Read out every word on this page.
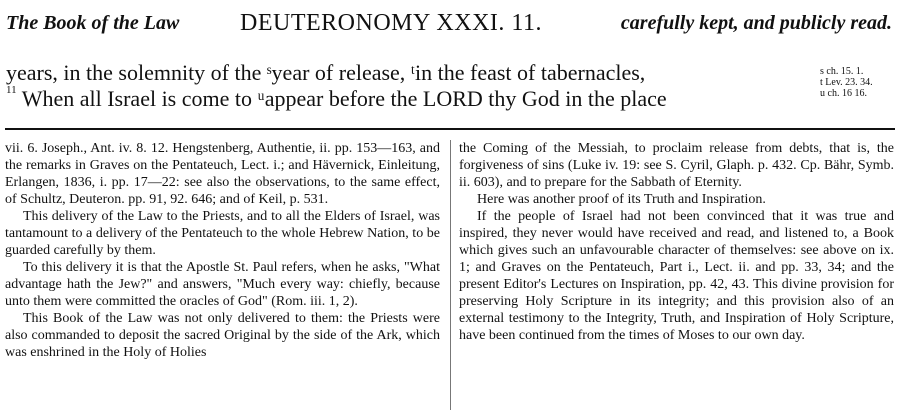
The Book of the Law	DEUTERONOMY XXXI. 11.	carefully kept, and publicly read.
years, in the solemnity of the ˢyear of release, ᵗin the feast of tabernacles,
$^{11}$ When all Israel is come to ᵘappear before the LORD thy God in the place
s ch. 15. 1.
t Lev. 23. 34.
u ch. 16 16.

vii. 6. Joseph., Ant. iv. 8. 12. Hengstenberg, Authentie, ii. pp. 153—163, and the remarks in Graves on the Pentateuch, Lect. i.; and Hävernick, Einleitung, Erlangen, 1836, i. pp. 17—22: see also the observations, to the same effect, of Schultz, Deuteron. pp. 91, 92. 646; and of Keil, p. 531.

This delivery of the Law to the Priests, and to all the Elders of Israel, was tantamount to a delivery of the Pentateuch to the whole Hebrew Nation, to be guarded carefully by them.

To this delivery it is that the Apostle St. Paul refers, when he asks, "What advantage hath the Jew?" and answers, "Much every way: chiefly, because unto them were committed the oracles of God" (Rom. iii. 1, 2).

This Book of the Law was not only delivered to them: the Priests were also commanded to deposit the sacred Original by the side of the Ark, which was enshrined in the Holy of Holies

the Coming of the Messiah, to proclaim release from debts, that is, the forgiveness of sins (Luke iv. 19: see S. Cyril, Glaph. p. 432. Cp. Bähr, Symb. ii. 603), and to prepare for the Sabbath of Eternity.

Here was another proof of its Truth and Inspiration.

If the people of Israel had not been convinced that it was true and inspired, they never would have received and read, and listened to, a Book which gives such an unfavourable character of themselves: see above on ix. 1; and Graves on the Pentateuch, Part i., Lect. ii. and pp. 33, 34; and the present Editor's Lectures on Inspiration, pp. 42, 43. This divine provision for preserving Holy Scripture in its integrity; and this provision also of an external testimony to the Integrity, Truth, and Inspiration of Holy Scripture, have been continued from the times of Moses to our own day.
